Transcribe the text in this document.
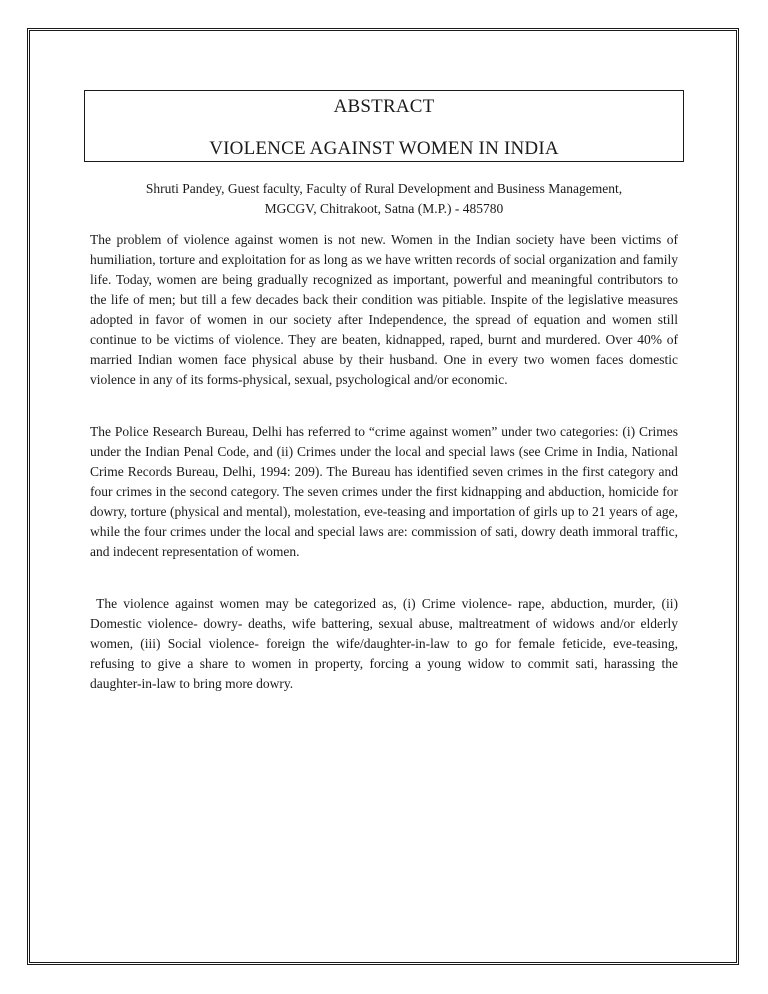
ABSTRACT
VIOLENCE AGAINST WOMEN IN INDIA
Shruti Pandey, Guest faculty, Faculty of Rural Development and Business Management,
MGCGV, Chitrakoot, Satna (M.P.) - 485780

The problem of violence against women is not new. Women in the Indian society have been victims of humiliation, torture and exploitation for as long as we have written records of social organization and family life. Today, women are being gradually recognized as important, powerful and meaningful contributors to the life of men; but till a few decades back their condition was pitiable. Inspite of the legislative measures adopted in favor of women in our society after Independence, the spread of equation and women still continue to be victims of violence. They are beaten, kidnapped, raped, burnt and murdered. Over 40% of married Indian women face physical abuse by their husband. One in every two women faces domestic violence in any of its forms-physical, sexual, psychological and/or economic.

The Police Research Bureau, Delhi has referred to “crime against women” under two categories: (i) Crimes under the Indian Penal Code, and (ii) Crimes under the local and special laws (see Crime in India, National Crime Records Bureau, Delhi, 1994: 209). The Bureau has identified seven crimes in the first category and four crimes in the second category. The seven crimes under the first kidnapping and abduction, homicide for dowry, torture (physical and mental), molestation, eve-teasing and importation of girls up to 21 years of age, while the four crimes under the local and special laws are: commission of sati, dowry death immoral traffic, and indecent representation of women.

The violence against women may be categorized as, (i) Crime violence- rape, abduction, murder, (ii) Domestic violence- dowry- deaths, wife battering, sexual abuse, maltreatment of widows and/or elderly women, (iii) Social violence- foreign the wife/daughter-in-law to go for female feticide, eve-teasing, refusing to give a share to women in property, forcing a young widow to commit sati, harassing the daughter-in-law to bring more dowry.
